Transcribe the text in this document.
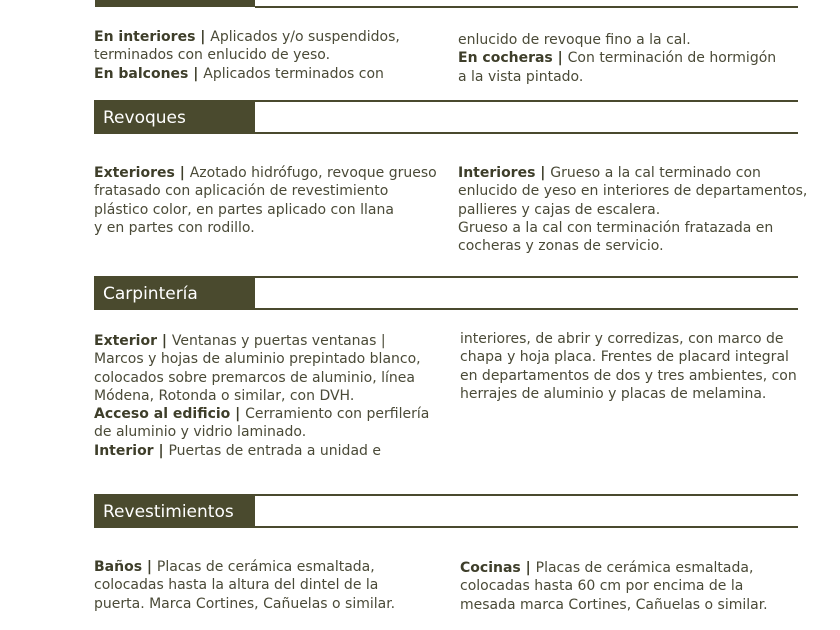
En interiores | Aplicados y/o suspendidos,

terminados con enlucido de yeso.

En balcones | Aplicados terminados con

enlucido de revoque fino a la cal.

En cocheras | Con terminación de hormigón

a la vista pintado.

Revoques

Exteriores | Azotado hidrófugo, revoque grueso

fratasado con aplicación de revestimiento

plástico color, en partes aplicado con llana

y en partes con rodillo.

Interiores | Grueso a la cal terminado con

enlucido de yeso en interiores de departamentos,

pallieres y cajas de escalera.

Grueso a la cal con terminación fratazada en

cocheras y zonas de servicio.

Carpintería

Exterior | Ventanas y puertas ventanas |

Marcos y hojas de aluminio prepintado blanco,

colocados sobre premarcos de aluminio, línea

Módena, Rotonda o similar, con DVH.

Acceso al edificio | Cerramiento con perfilería

de aluminio y vidrio laminado.

Interior | Puertas de entrada a unidad e

interiores, de abrir y corredizas, con marco de

chapa y hoja placa. Frentes de placard integral

en departamentos de dos y tres ambientes, con

herrajes de aluminio y placas de melamina.

Revestimientos

Baños | Placas de cerámica esmaltada,

colocadas hasta la altura del dintel de la

puerta. Marca Cortines, Cañuelas o similar.

Cocinas | Placas de cerámica esmaltada,

colocadas hasta 60 cm por encima de la

mesada marca Cortines, Cañuelas o similar.
